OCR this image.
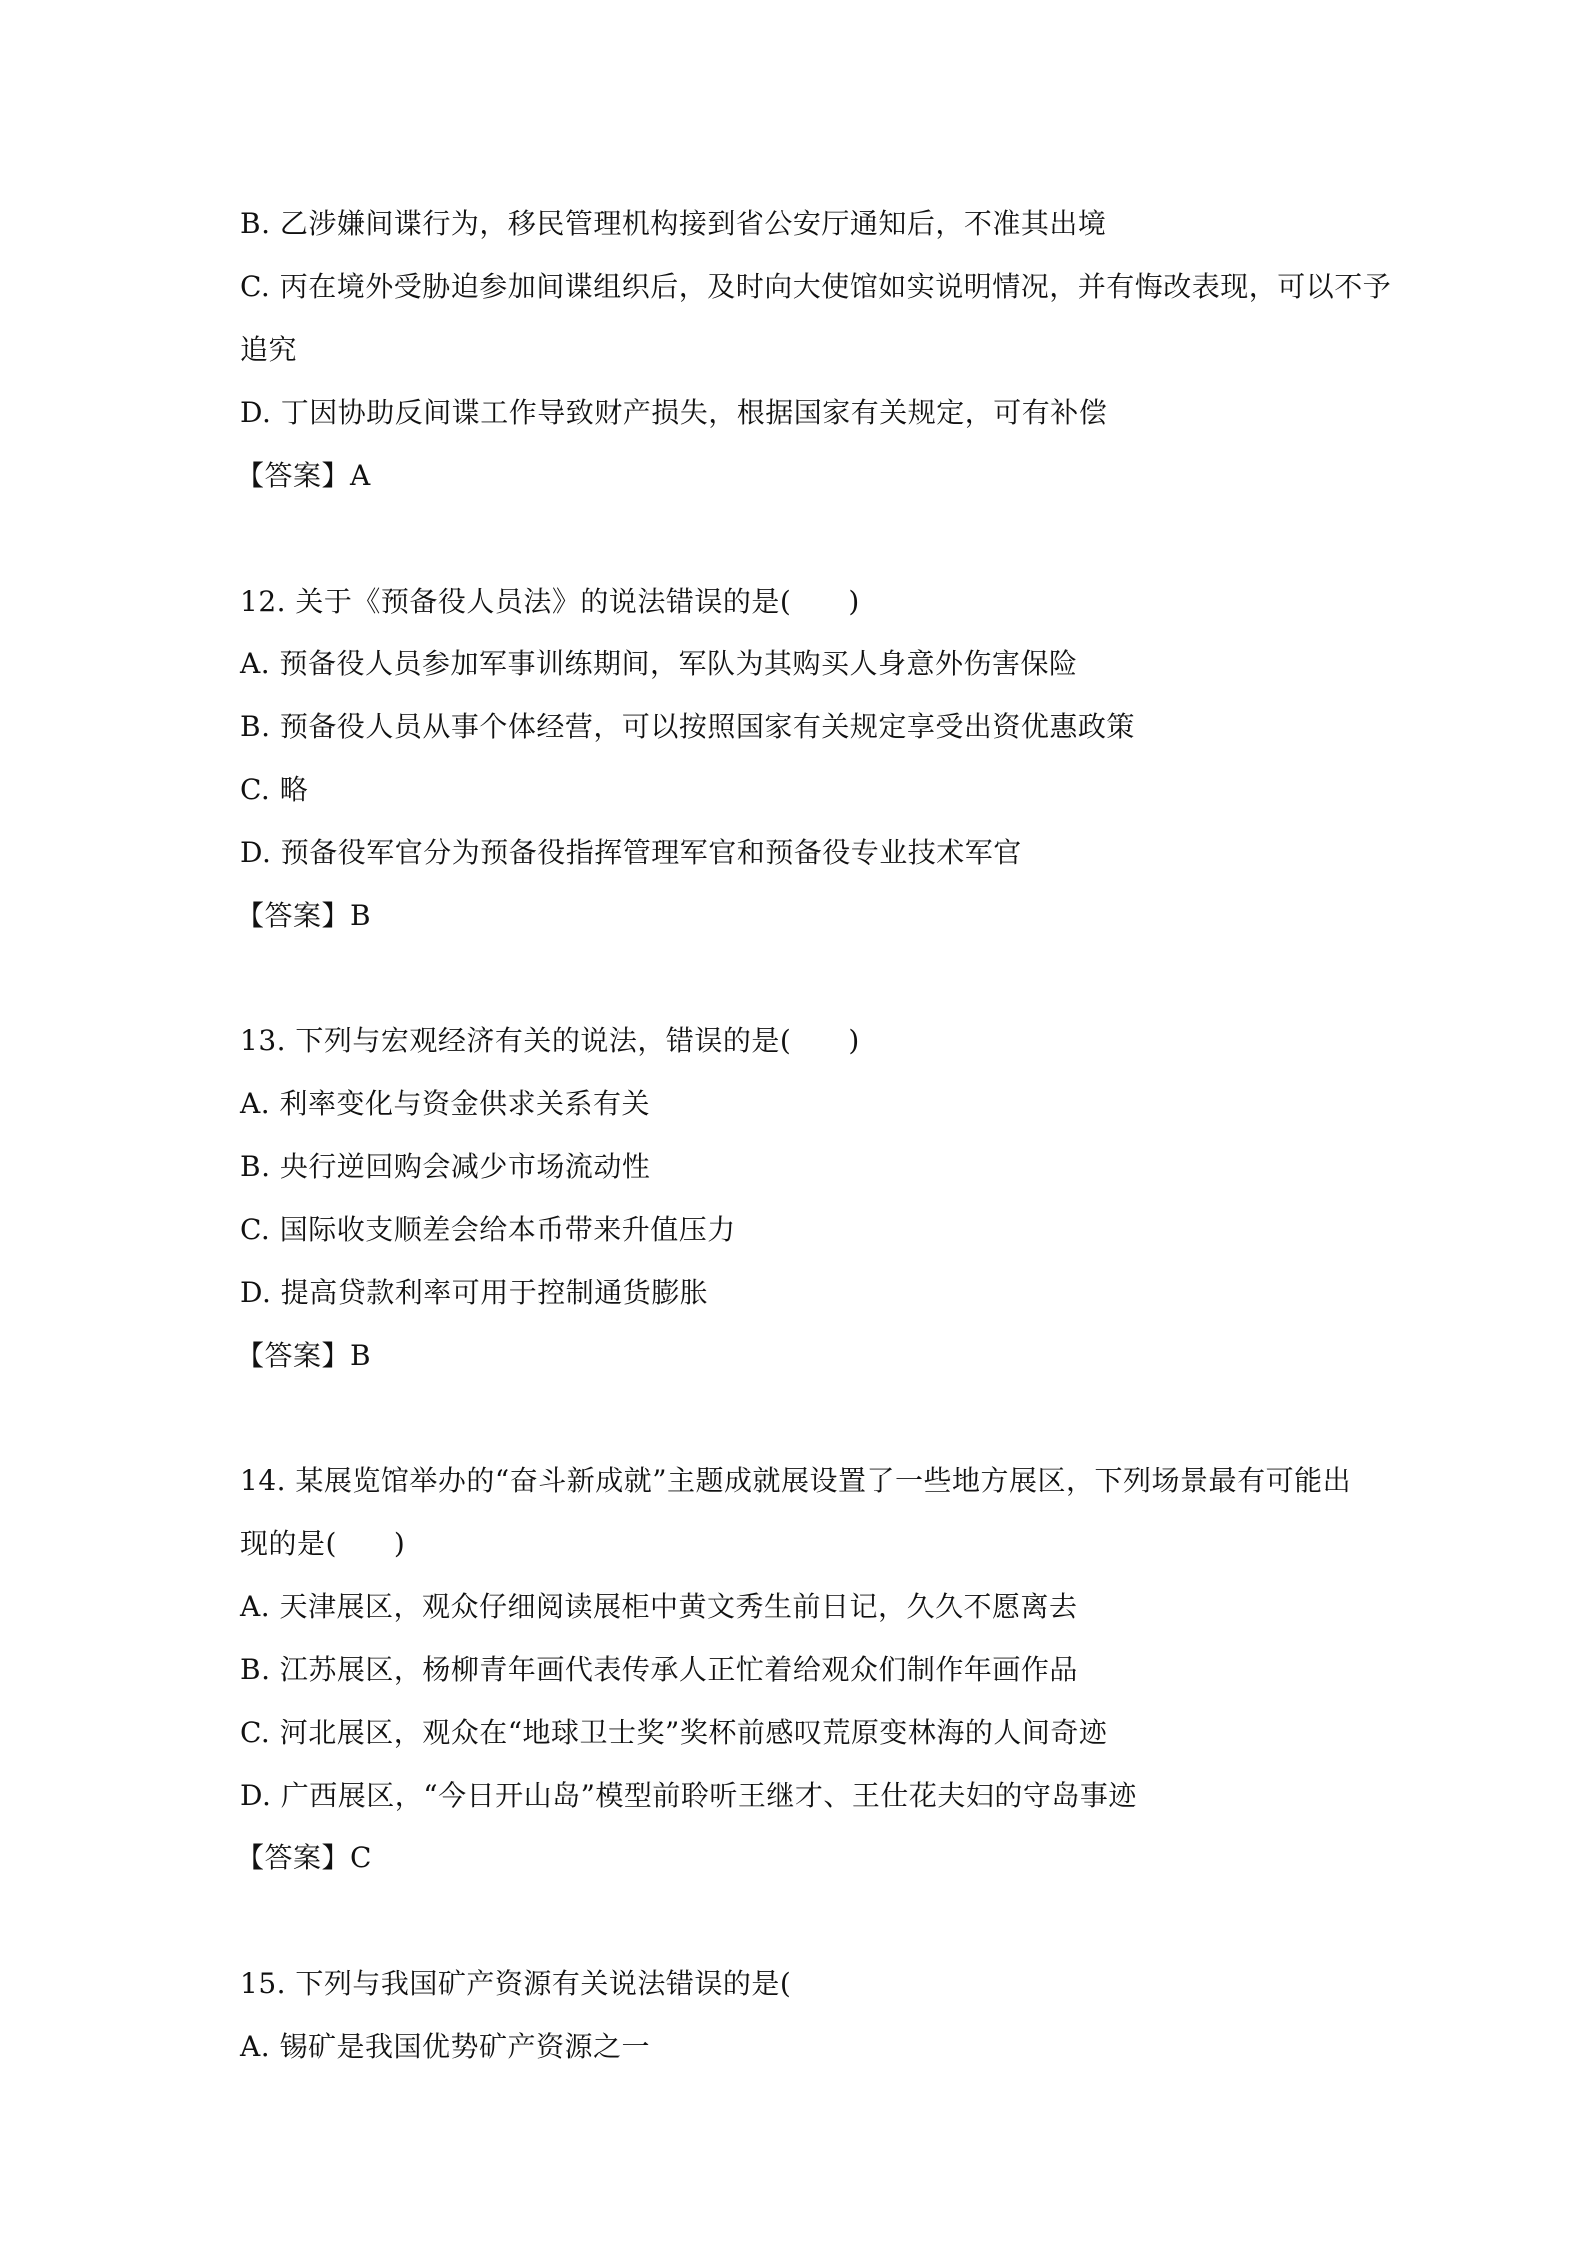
B. 乙涉嫌间谍行为，移民管理机构接到省公安厅通知后，不准其出境
C. 丙在境外受胁迫参加间谍组织后，及时向大使馆如实说明情况，并有悔改表现，可以不予
追究
D. 丁因协助反间谍工作导致财产损失，根据国家有关规定，可有补偿
【答案】A
12. 关于《预备役人员法》的说法错误的是(　　)
A. 预备役人员参加军事训练期间，军队为其购买人身意外伤害保险
B. 预备役人员从事个体经营，可以按照国家有关规定享受出资优惠政策
C. 略
D. 预备役军官分为预备役指挥管理军官和预备役专业技术军官
【答案】B
13. 下列与宏观经济有关的说法，错误的是(　　)
A. 利率变化与资金供求关系有关
B. 央行逆回购会减少市场流动性
C. 国际收支顺差会给本币带来升值压力
D. 提高贷款利率可用于控制通货膨胀
【答案】B
14. 某展览馆举办的“奋斗新成就”主题成就展设置了一些地方展区，下列场景最有可能出
现的是(　　)
A. 天津展区，观众仔细阅读展柜中黄文秀生前日记，久久不愿离去
B. 江苏展区，杨柳青年画代表传承人正忙着给观众们制作年画作品
C. 河北展区，观众在“地球卫士奖”奖杯前感叹荒原变林海的人间奇迹
D. 广西展区，“今日开山岛”模型前聆听王继才、王仕花夫妇的守岛事迹
【答案】C
15. 下列与我国矿产资源有关说法错误的是(
A. 锡矿是我国优势矿产资源之一
